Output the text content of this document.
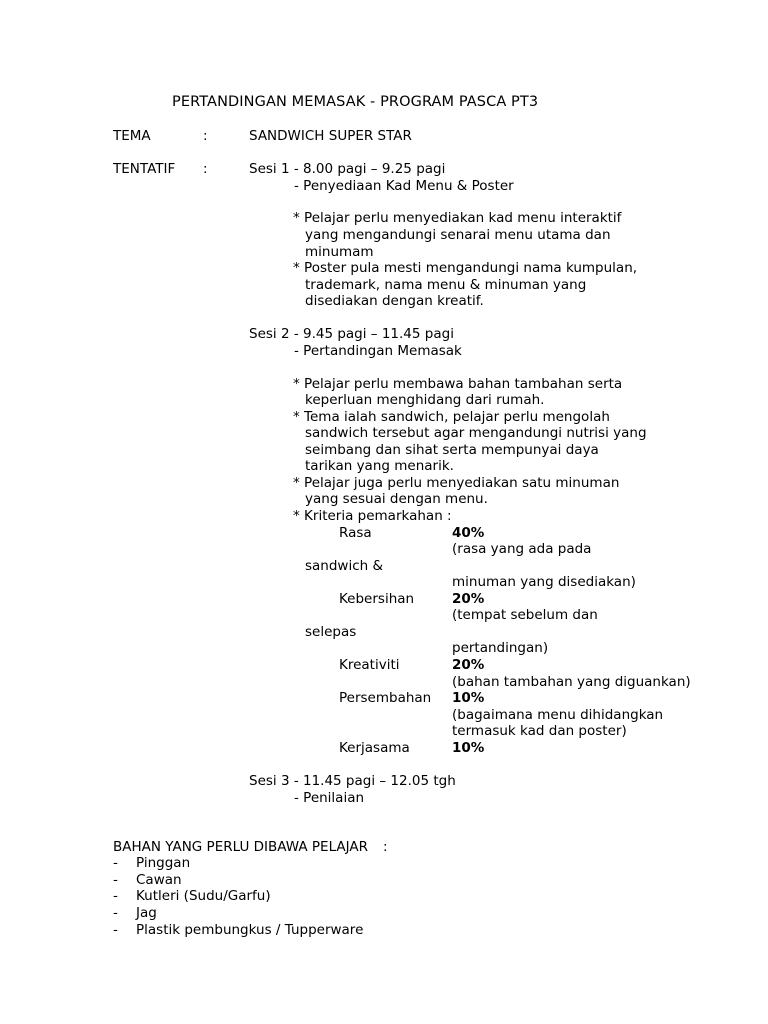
PERTANDINGAN MEMASAK - PROGRAM PASCA PT3
TEMA	:	SANDWICH SUPER STAR
TENTATIF :	Sesi 1 - 8.00 pagi – 9.25 pagi
- Penyediaan Kad Menu & Poster
* Pelajar perlu menyediakan kad menu interaktif
yang mengandungi senarai menu utama dan
minumam
* Poster pula mesti mengandungi nama kumpulan,
trademark, nama menu & minuman yang
disediakan dengan kreatif.
Sesi 2 - 9.45 pagi – 11.45 pagi
- Pertandingan Memasak
* Pelajar perlu membawa bahan tambahan serta
keperluan menghidang dari rumah.
* Tema ialah sandwich, pelajar perlu mengolah
sandwich tersebut agar mengandungi nutrisi yang
seimbang dan sihat serta mempunyai daya
tarikan yang menarik.
* Pelajar juga perlu menyediakan satu minuman
yang sesuai dengan menu.
* Kriteria pemarkahan :
Rasa	40%
(rasa yang ada pada
sandwich &
minuman yang disediakan)
Kebersihan	20%
(tempat sebelum dan
selepas
pertandingan)
Kreativiti	20%
(bahan tambahan yang diguankan)
Persembahan 10%
(bagaimana menu dihidangkan
termasuk kad dan poster)
Kerjasama	10%
Sesi 3 - 11.45 pagi – 12.05 tgh
- Penilaian
BAHAN YANG PERLU DIBAWA PELAJAR :
- Pinggan
- Cawan
- Kutleri (Sudu/Garfu)
- Jag
- Plastik pembungkus / Tupperware
